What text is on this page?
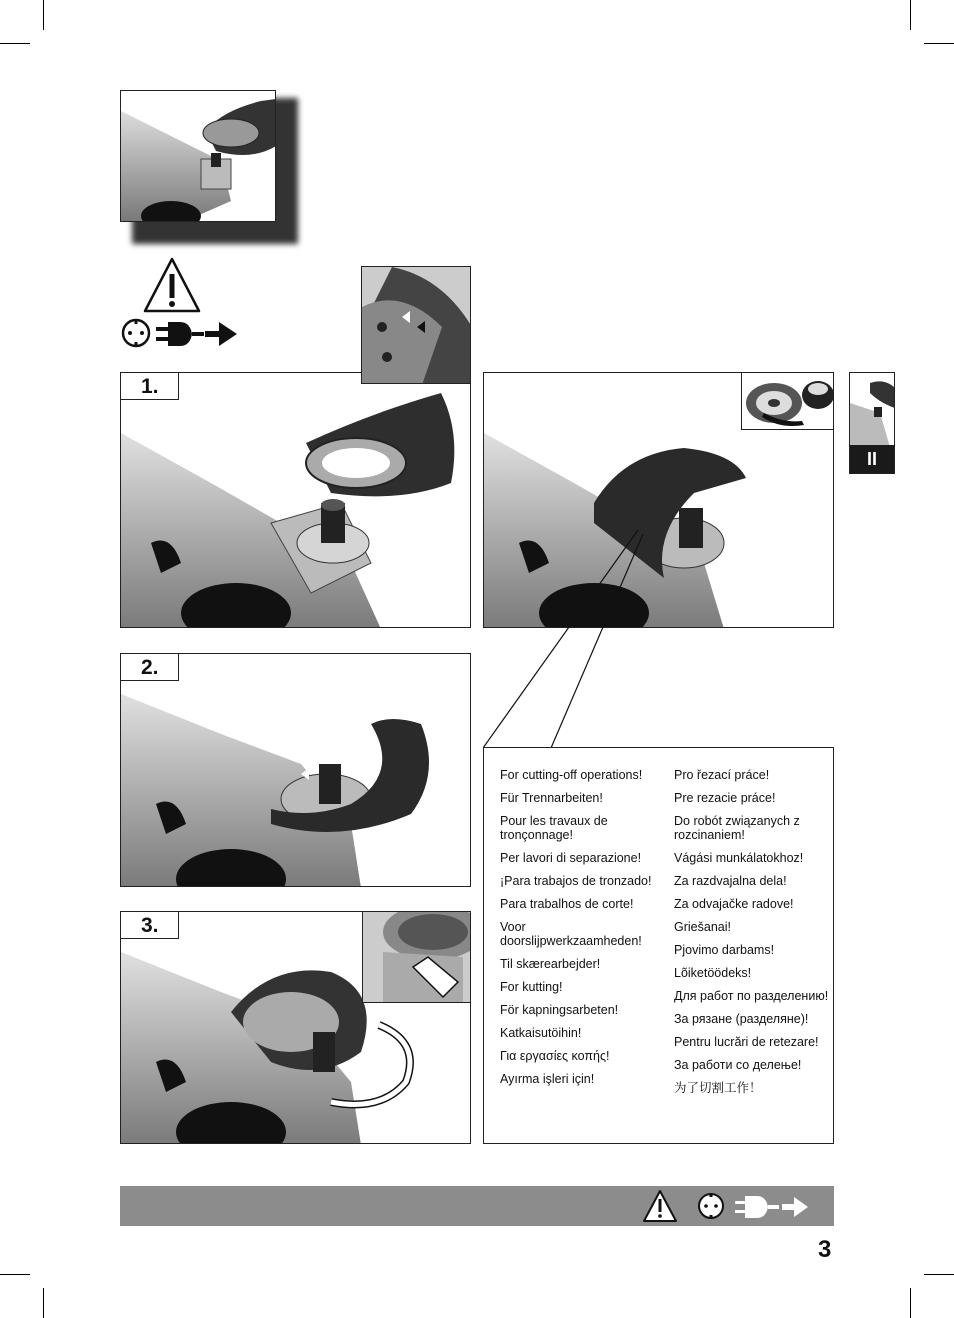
1.
2.
3.
For cutting-off operations!
Für Trennarbeiten!
Pour les travaux de tronçonnage!
Per lavori di separazione!
¡Para trabajos de tronzado!
Para trabalhos de corte!
Voor doorslijpwerkzaamheden!
Til skærearbejder!
For kutting!
För kapningsarbeten!
Katkaisutöihin!
Για εργασίες κοπής!
Ayırma işleri için!
Pro řezací práce!
Pre rezacie práce!
Do robót związanych z rozcinaniem!
Vágási munkálatokhoz!
Za razdvajalna dela!
Za odvajačke radove!
Griešanai!
Pjovimo darbams!
Lõiketöödeks!
Для работ по разделению!
За рязане (разделяне)!
Pentru lucrări de retezare!
За работи со делење!
为了切割工作！
II
3
